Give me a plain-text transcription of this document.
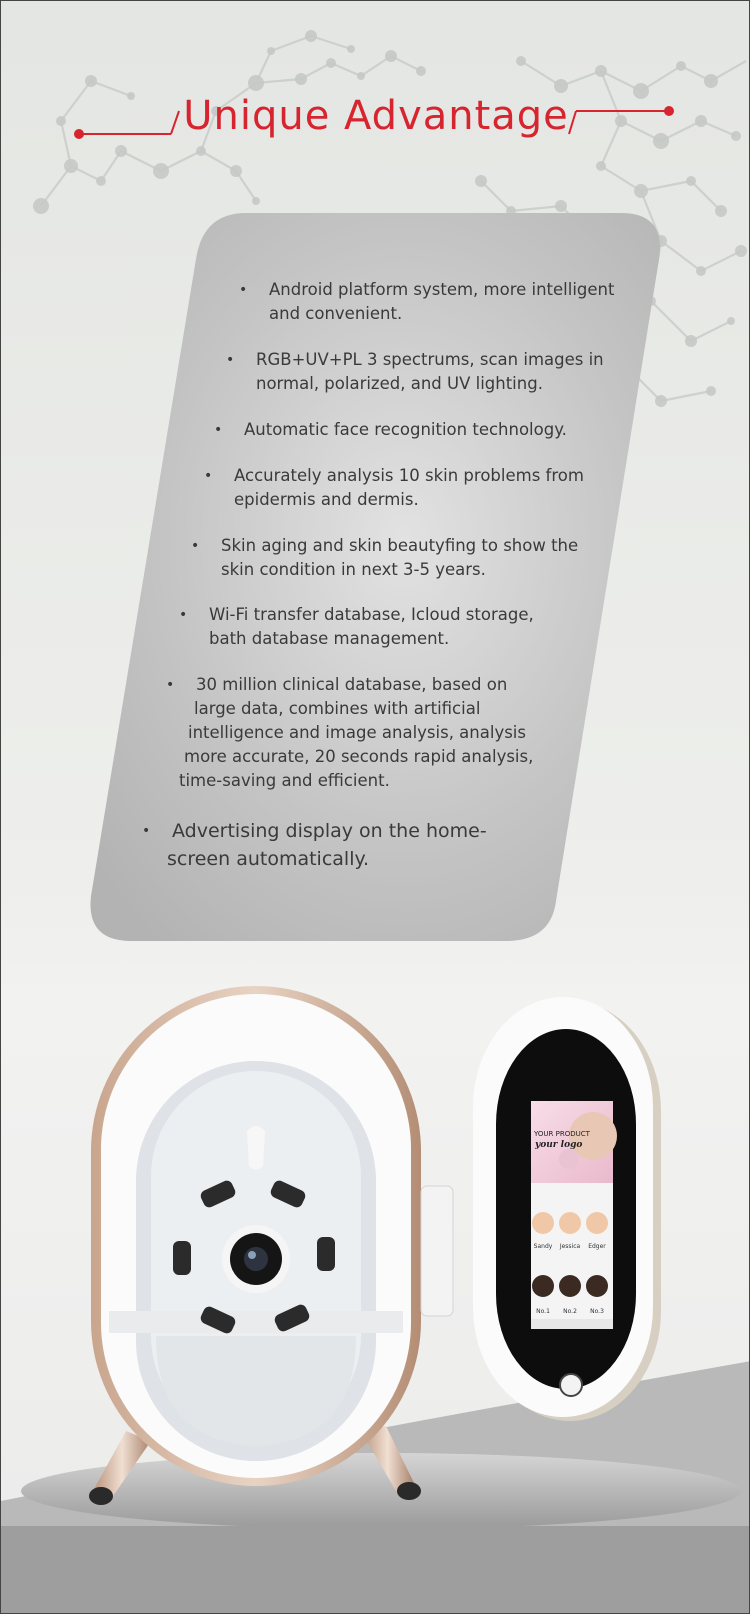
Unique Advantage
• Android platform system, more intelligent
and convenient.
• RGB+UV+PL 3 spectrums, scan images in
normal, polarized, and UV lighting.
• Automatic face recognition technology.
• Accurately analysis 10 skin problems from
epidermis and dermis.
• Skin aging and skin beautyfing to show the
skin condition in next 3-5 years.
• Wi-Fi transfer database, Icloud storage,
bath database management.
• 30 million clinical database, based on
large data, combines with artificial
intelligence and image analysis, analysis
more accurate, 20 seconds rapid analysis,
time-saving and efficient.
• Advertising display on the home-
screen automatically.
YOUR PRODUCT
your logo
Sandy Jessica Edger
No.1 No.2 No.3
